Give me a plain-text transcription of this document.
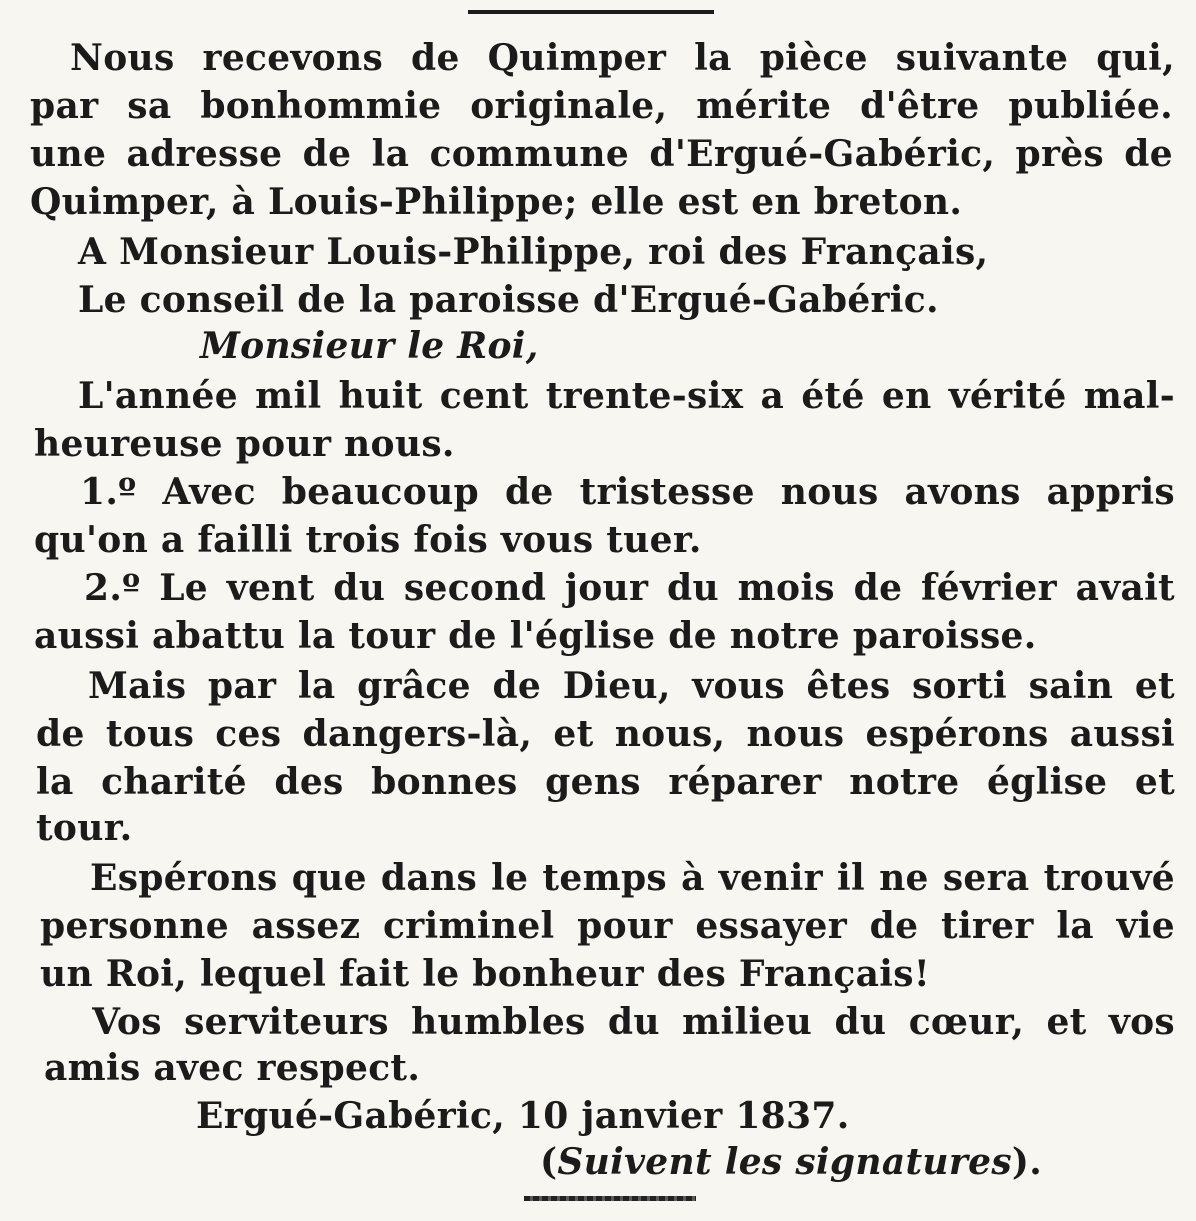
Nous recevons de Quimper la pièce suivante qui,
par sa bonhommie originale, mérite d'être publiée.
une adresse de la commune d'Ergué-Gabéric, près de
Quimper, à Louis-Philippe; elle est en breton.
A Monsieur Louis-Philippe, roi des Français,
Le conseil de la paroisse d'Ergué-Gabéric.
Monsieur le Roi,
L'année mil huit cent trente-six a été en vérité mal-
heureuse pour nous.
1.º Avec beaucoup de tristesse nous avons appris
qu'on a failli trois fois vous tuer.
2.º Le vent du second jour du mois de février avait
aussi abattu la tour de l'église de notre paroisse.
Mais par la grâce de Dieu, vous êtes sorti sain et
de tous ces dangers-là, et nous, nous espérons aussi
la charité des bonnes gens réparer notre église et
tour.
Espérons que dans le temps à venir il ne sera trouvé
personne assez criminel pour essayer de tirer la vie
un Roi, lequel fait le bonheur des Français!
Vos serviteurs humbles du milieu du cœur, et vos
amis avec respect.
Ergué-Gabéric, 10 janvier 1837.
(Suivent les signatures).
